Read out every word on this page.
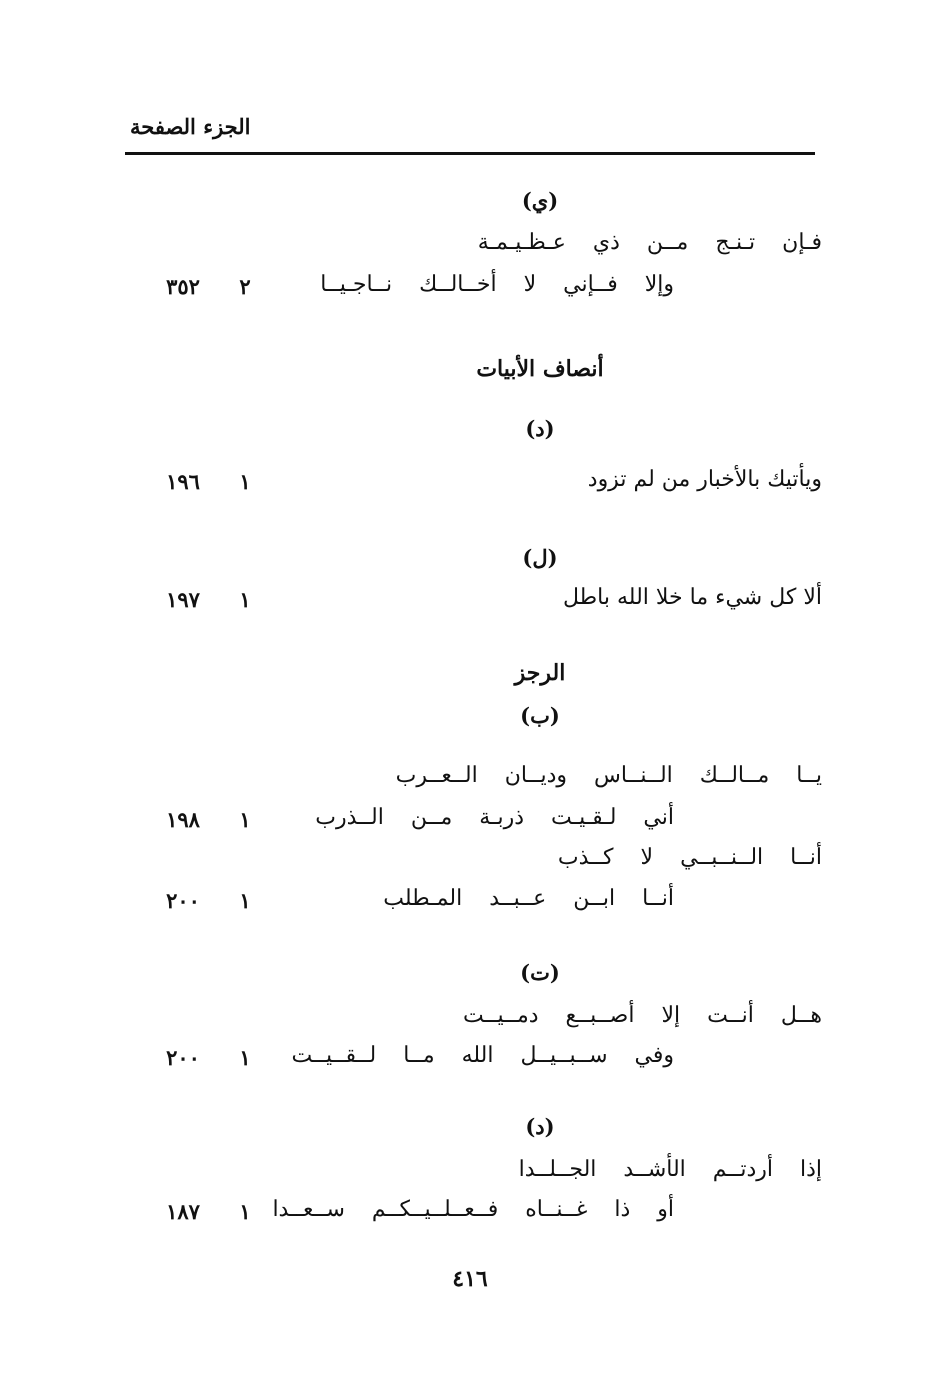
الجزء الصفحة
(ي)
فـإن تـنـج مــن ذي عـظـيـمـة
وإلا فــإني لا أخــالــك نــاجـيــا
٢
٣٥٢
أنصاف الأبيات
(د)
ويأتيك بالأخبار من لم تزود
١
١٩٦
(ل)
ألا كل شيء ما خلا الله باطل
١
١٩٧
الرجز
(ب)
يــا مــالــك الــنــاس وديــان الــعــرب
أني لـقـيـت ذربـة مــن الــذرب
١
١٩٨
أنــا الــنــبــي لا كــذب
أنــا ابــن عــبــد المـطلب
١
٢٠٠
(ت)
هــل أنــت إلا أصــبــع دمــيــت
وفي ســبــيــل الله مــا لــقــيــت
١
٢٠٠
(د)
إذا أردتــم الأشــد الجــلــدا
أو ذا غــنــاه فــعــلــيــكــم ســعــدا
١
١٨٧
٤١٦
